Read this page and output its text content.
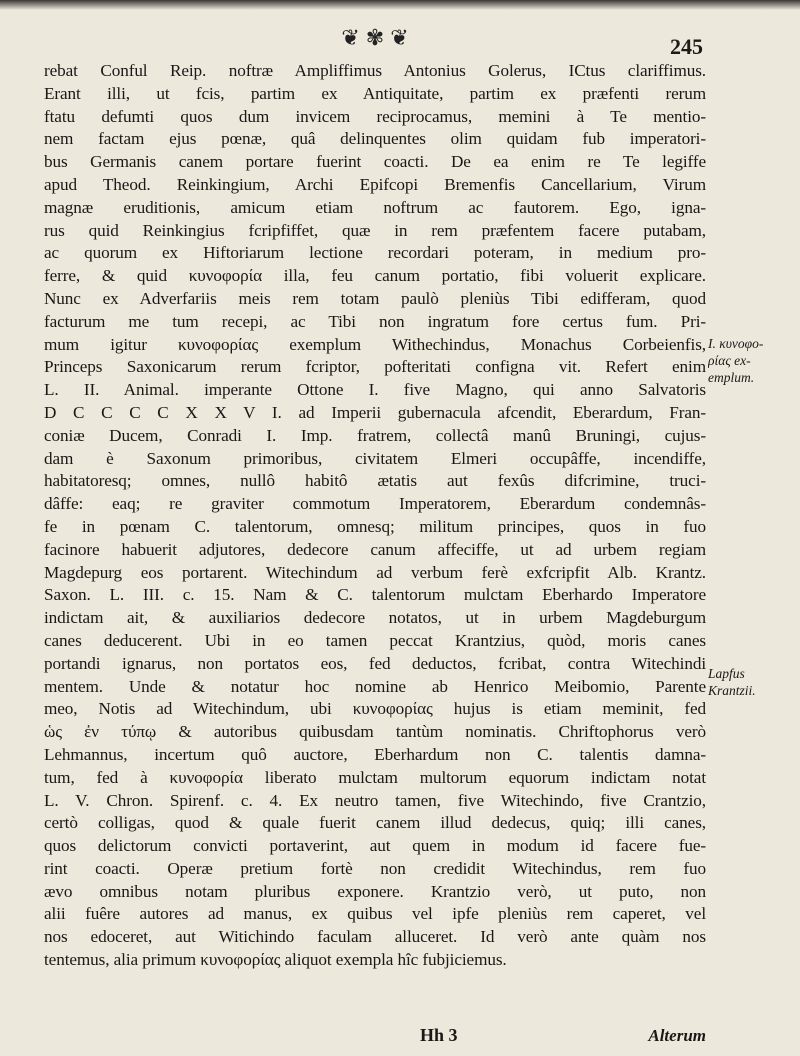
❦✾❦	245
rebat Conful Reip. noftræ Ampliffimus Antonius Golerus, ICtus clariffimus.
Erant illi, ut fcis, partim ex Antiquitate, partim ex præfenti rerum
ftatu defumti quos dum invicem reciprocamus, memini à Te mentio-
nem factam ejus pœnæ, quâ delinquentes olim quidam fub imperatori-
bus Germanis canem portare fuerint coacti. De ea enim re Te legiffe
apud Theod. Reinkingium, Archi Epifcopi Bremenfis Cancellarium, Virum
magnæ eruditionis, amicum etiam noftrum ac fautorem. Ego, igna-
rus quid Reinkingius fcripfiffet, quæ in rem præfentem facere putabam,
ac quorum ex Hiftoriarum lectione recordari poteram, in medium pro-
ferre, & quid κυνοφορία illa, feu canum portatio, fibi voluerit explicare.
Nunc ex Adverfariis meis rem totam paulò pleniùs Tibi edifferam, quod
facturum me tum recepi, ac Tibi non ingratum fore certus fum. Pri-
mum igitur κυνοφορίας exemplum Withechindus, Monachus Corbeienfis,
Princeps Saxonicarum rerum fcriptor, pofteritati configna vit. Refert enim
L. II. Animal. imperante Ottone I. five Magno, qui anno Salvatoris
D C C C C X X V I. ad Imperii gubernacula afcendit, Eberardum, Fran-
coniæ Ducem, Conradi I. Imp. fratrem, collectâ manû Bruningi, cujus-
dam è Saxonum primoribus, civitatem Elmeri occupâffe, incendiffe,
habitatoresq; omnes, nullô habitô ætatis aut fexûs difcrimine, truci-
dâffe: eaq; re graviter commotum Imperatorem, Eberardum condemnâs-
fe in pœnam C. talentorum, omnesq; militum principes, quos in fuo
facinore habuerit adjutores, dedecore canum affeciffe, ut ad urbem regiam
Magdepurg eos portarent. Witechindum ad verbum ferè exfcripfit Alb. Krantz.
Saxon. L. III. c. 15. Nam & C. talentorum mulctam Eberhardo Imperatore
indictam ait, & auxiliarios dedecore notatos, ut in urbem Magdeburgum
canes deducerent. Ubi in eo tamen peccat Krantzius, quòd, moris canes
portandi ignarus, non portatos eos, fed deductos, fcribat, contra Witechindi
mentem. Unde & notatur hoc nomine ab Henrico Meibomio, Parente
meo, Notis ad Witechindum, ubi κυνοφορίας hujus is etiam meminit, fed
ὡς ἐν τύπῳ & autoribus quibusdam tantùm nominatis. Chriftophorus verò
Lehmannus, incertum quô auctore, Eberhardum non C. talentis damna-
tum, fed à κυνοφορία liberato mulctam multorum equorum indictam notat
L. V. Chron. Spirenf. c. 4. Ex neutro tamen, five Witechindo, five Crantzio,
certò colligas, quod & quale fuerit canem illud dedecus, quiq; illi canes,
quos delictorum convicti portaverint, aut quem in modum id facere fue-
rint coacti. Operæ pretium fortè non credidit Witechindus, rem fuo
ævo omnibus notam pluribus exponere. Krantzio verò, ut puto, non
alii fuêre autores ad manus, ex quibus vel ipfe pleniùs rem caperet, vel
nos edoceret, aut Witichindo faculam alluceret. Id verò ante quàm nos
tentemus, alia primum κυνοφορίας aliquot exempla hîc fubjiciemus.
I. κυνοφο-
ρίας ex-
emplum.
Lapfus
Krantzii.
Hh 3	Alterum
